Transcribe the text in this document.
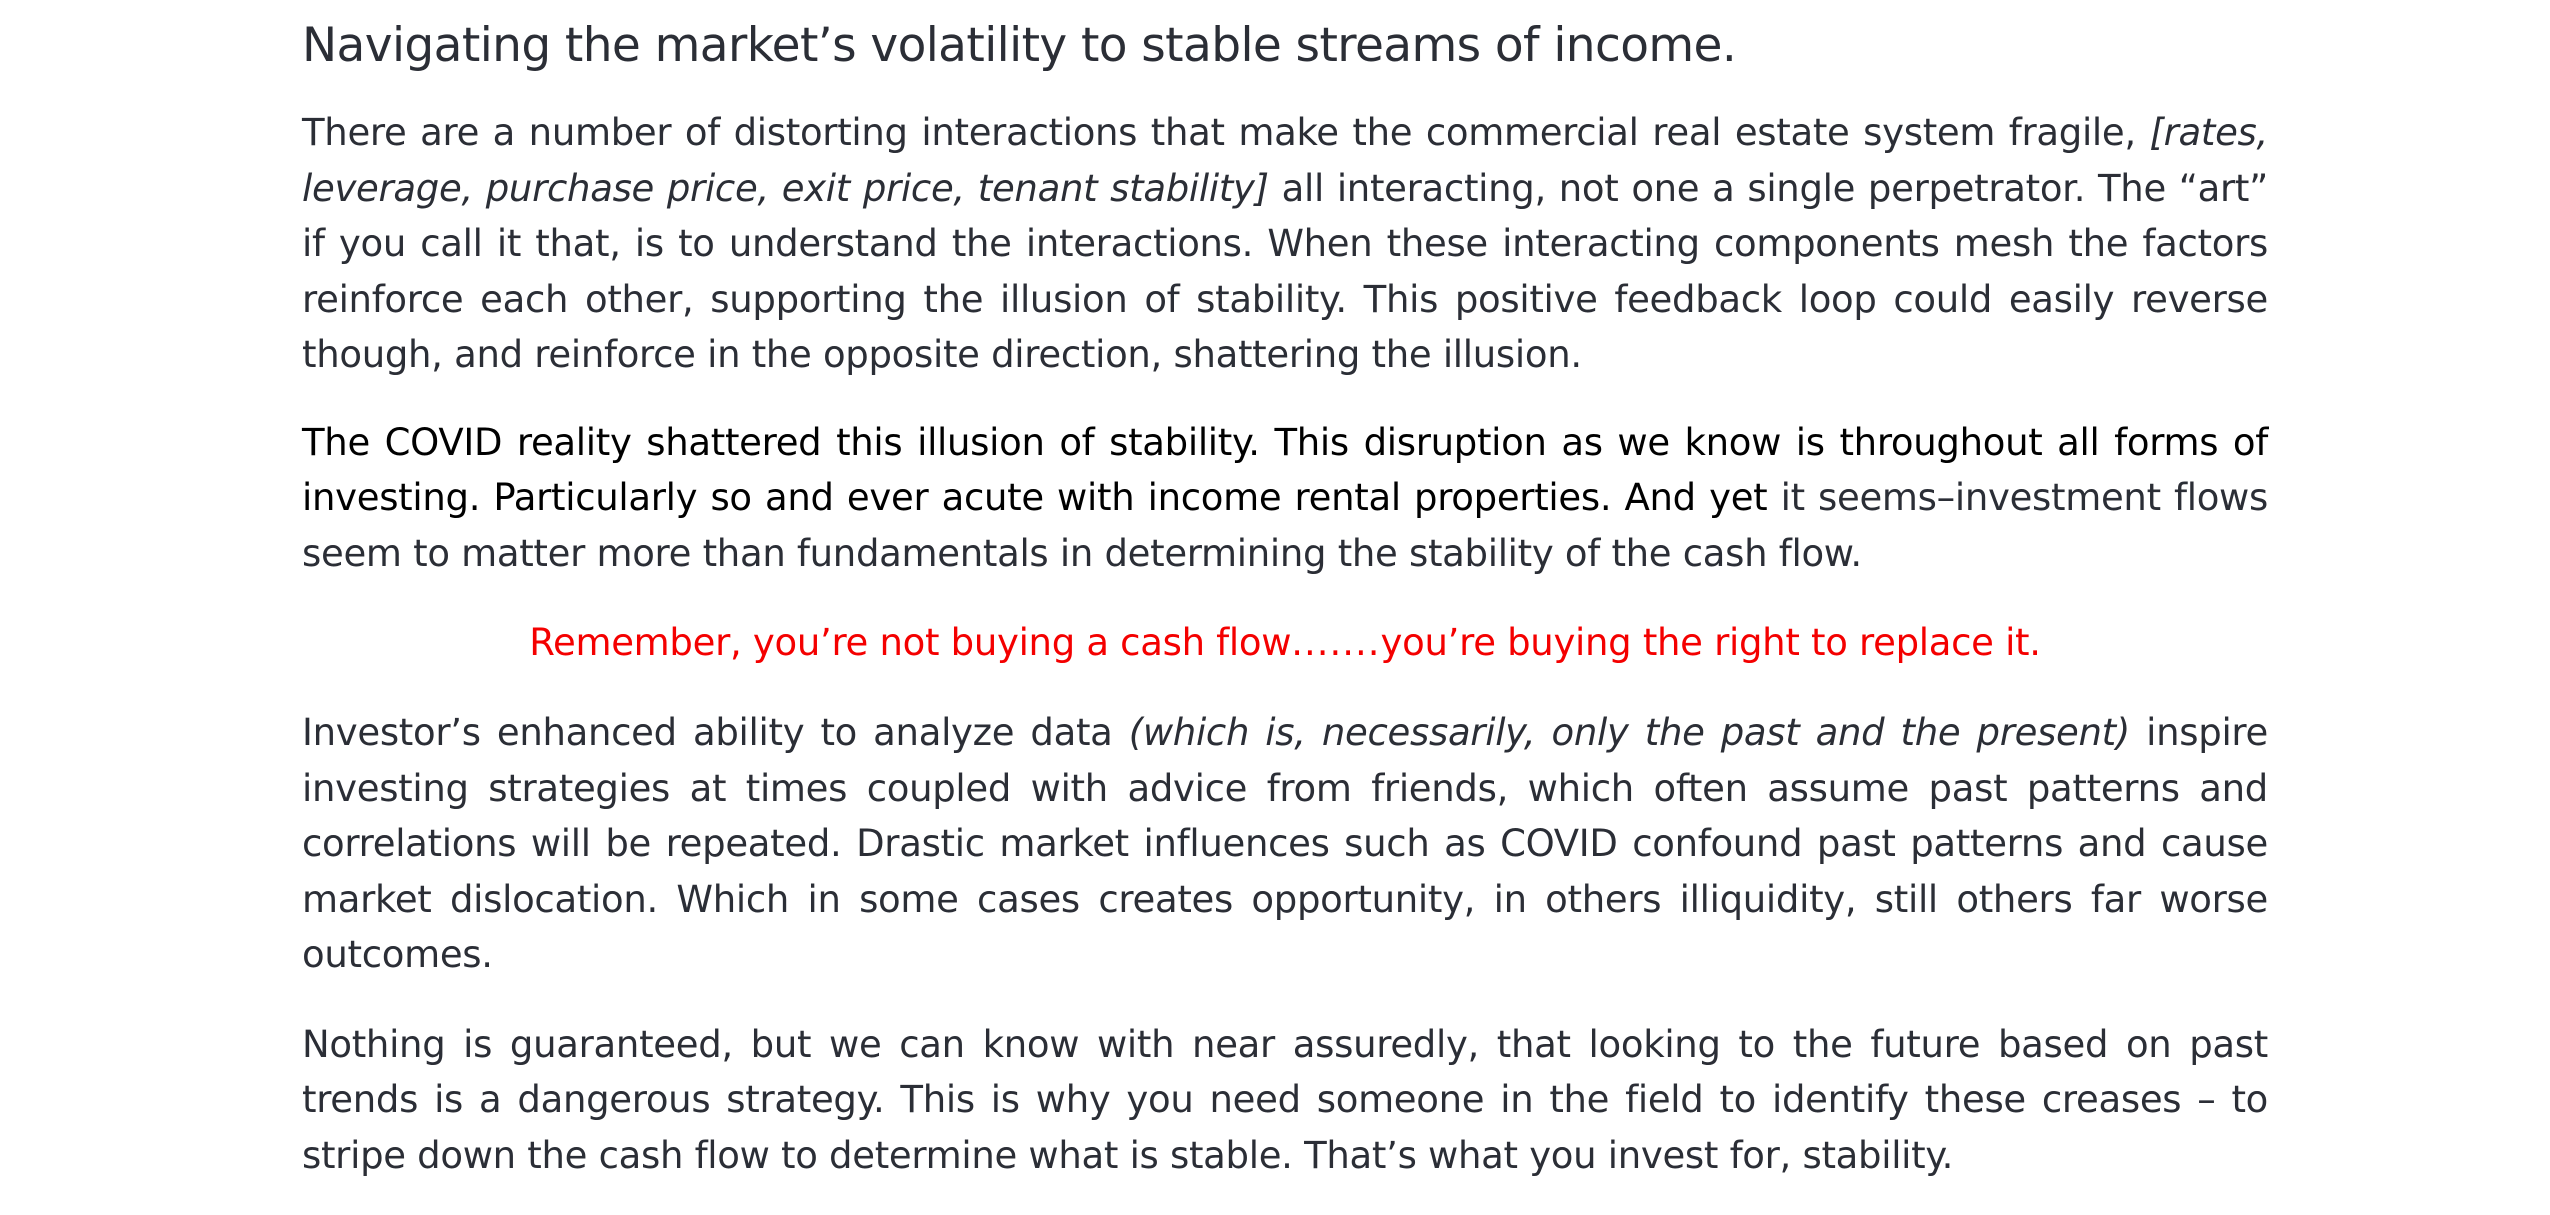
Navigating the market’s volatility to stable streams of income.

There are a number of distorting interactions that make the commercial real estate system fragile, [rates, leverage, purchase price, exit price, tenant stability] all interacting, not one a single perpetrator. The “art” if you call it that, is to understand the interactions. When these interacting components mesh the factors reinforce each other, supporting the illusion of stability. This positive feedback loop could easily reverse though, and reinforce in the opposite direction, shattering the illusion.

The COVID reality shattered this illusion of stability. This disruption as we know is throughout all forms of investing. Particularly so and ever acute with income rental properties. And yet it seems–investment flows seem to matter more than fundamentals in determining the stability of the cash flow.

Remember, you’re not buying a cash flow.......you’re buying the right to replace it.

Investor’s enhanced ability to analyze data (which is, necessarily, only the past and the present) inspire investing strategies at times coupled with advice from friends, which often assume past patterns and correlations will be repeated. Drastic market influences such as COVID confound past patterns and cause market dislocation. Which in some cases creates opportunity, in others illiquidity, still others far worse outcomes.

Nothing is guaranteed, but we can know with near assuredly, that looking to the future based on past trends is a dangerous strategy. This is why you need someone in the field to identify these creases – to stripe down the cash flow to determine what is stable. That’s what you invest for, stability.
